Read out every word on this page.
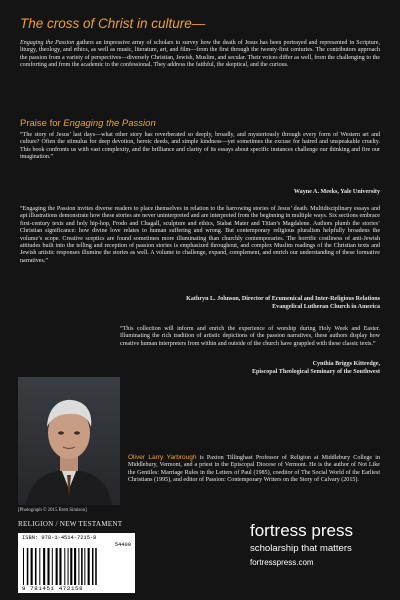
The cross of Christ in culture—

Engaging the Passion gathers an impressive array of scholars to survey how the death of Jesus has been portrayed and represented in Scripture, liturgy, theology, and ethics, as well as music, literature, art, and film—from the first through the twenty-first centuries. The contributors approach the passion from a variety of perspectives—diversely Christian, Jewish, Muslim, and secular. Their voices differ as well, from the challenging to the comforting and from the academic to the confessional. They address the faithful, the skeptical, and the curious.

Praise for Engaging the Passion

“The story of Jesus’ last days—what other story has reverberated so deeply, broadly, and mysteriously through every form of Western art and culture? Often the stimulus for deep devotion, heroic deeds, and simple kindness—yet sometimes the excuse for hatred and unspeakable cruelty. This book confronts us with vast complexity, and the brilliance and clarity of its essays about specific instances challenge our thinking and fire our imagination.”

Wayne A. Meeks, Yale University

“Engaging the Passion invites diverse readers to place themselves in relation to the harrowing stories of Jesus’ death. Multidisciplinary essays and apt illustrations demonstrate how these stories are never uninterpreted and are interpreted from the beginning in multiple ways. Six sections embrace first-century texts and holy hip-hop, Frodo and Chagall, sculpture and ethics, Stabat Mater and Titian’s Magdalene. Authors plumb the stories’ Christian significance: how divine love relates to human suffering and wrong. But contemporary religious pluralism helpfully broadens the volume’s scope. Creative sceptics are found sometimes more illuminating than churchly contemporaries. The horrific costliness of anti-Jewish attitudes built into the telling and reception of passion stories is emphasized throughout, and complex Muslim readings of the Christian texts and Jewish artistic responses illumine the stories as well. A volume to challenge, expand, complement, and enrich our understanding of these formative narratives.”

Kathryn L. Johnson, Director of Ecumenical and Inter-Religious Relations
Evangelical Lutheran Church in America

“This collection will inform and enrich the experience of worship during Holy Week and Easter. Illuminating the rich tradition of artistic depictions of the passion narratives, these authors display how creative human interpreters from within and outside of the church have grappled with these classic texts.”

Cynthia Briggs Kittredge,
Episcopal Theological Seminary of the Southwest

[Photograph © 2015 Brett Simison]

Oliver Larry Yarbrough is Paxton Tillinghast Professor of Religion at Middlebury College in Middlebury, Vermont, and a priest in the Episcopal Diocese of Vermont. He is the author of Not Like the Gentiles: Marriage Rules in the Letters of Paul (1985), coeditor of The Social World of the Earliest Christians (1995), and editor of Passion: Contemporary Writers on the Story of Calvary (2015).

RELIGION / NEW TESTAMENT

ISBN: 978-1-4514-7215-8
54400
9 781451 472158

fortress press

scholarship that matters

fortresspress.com
